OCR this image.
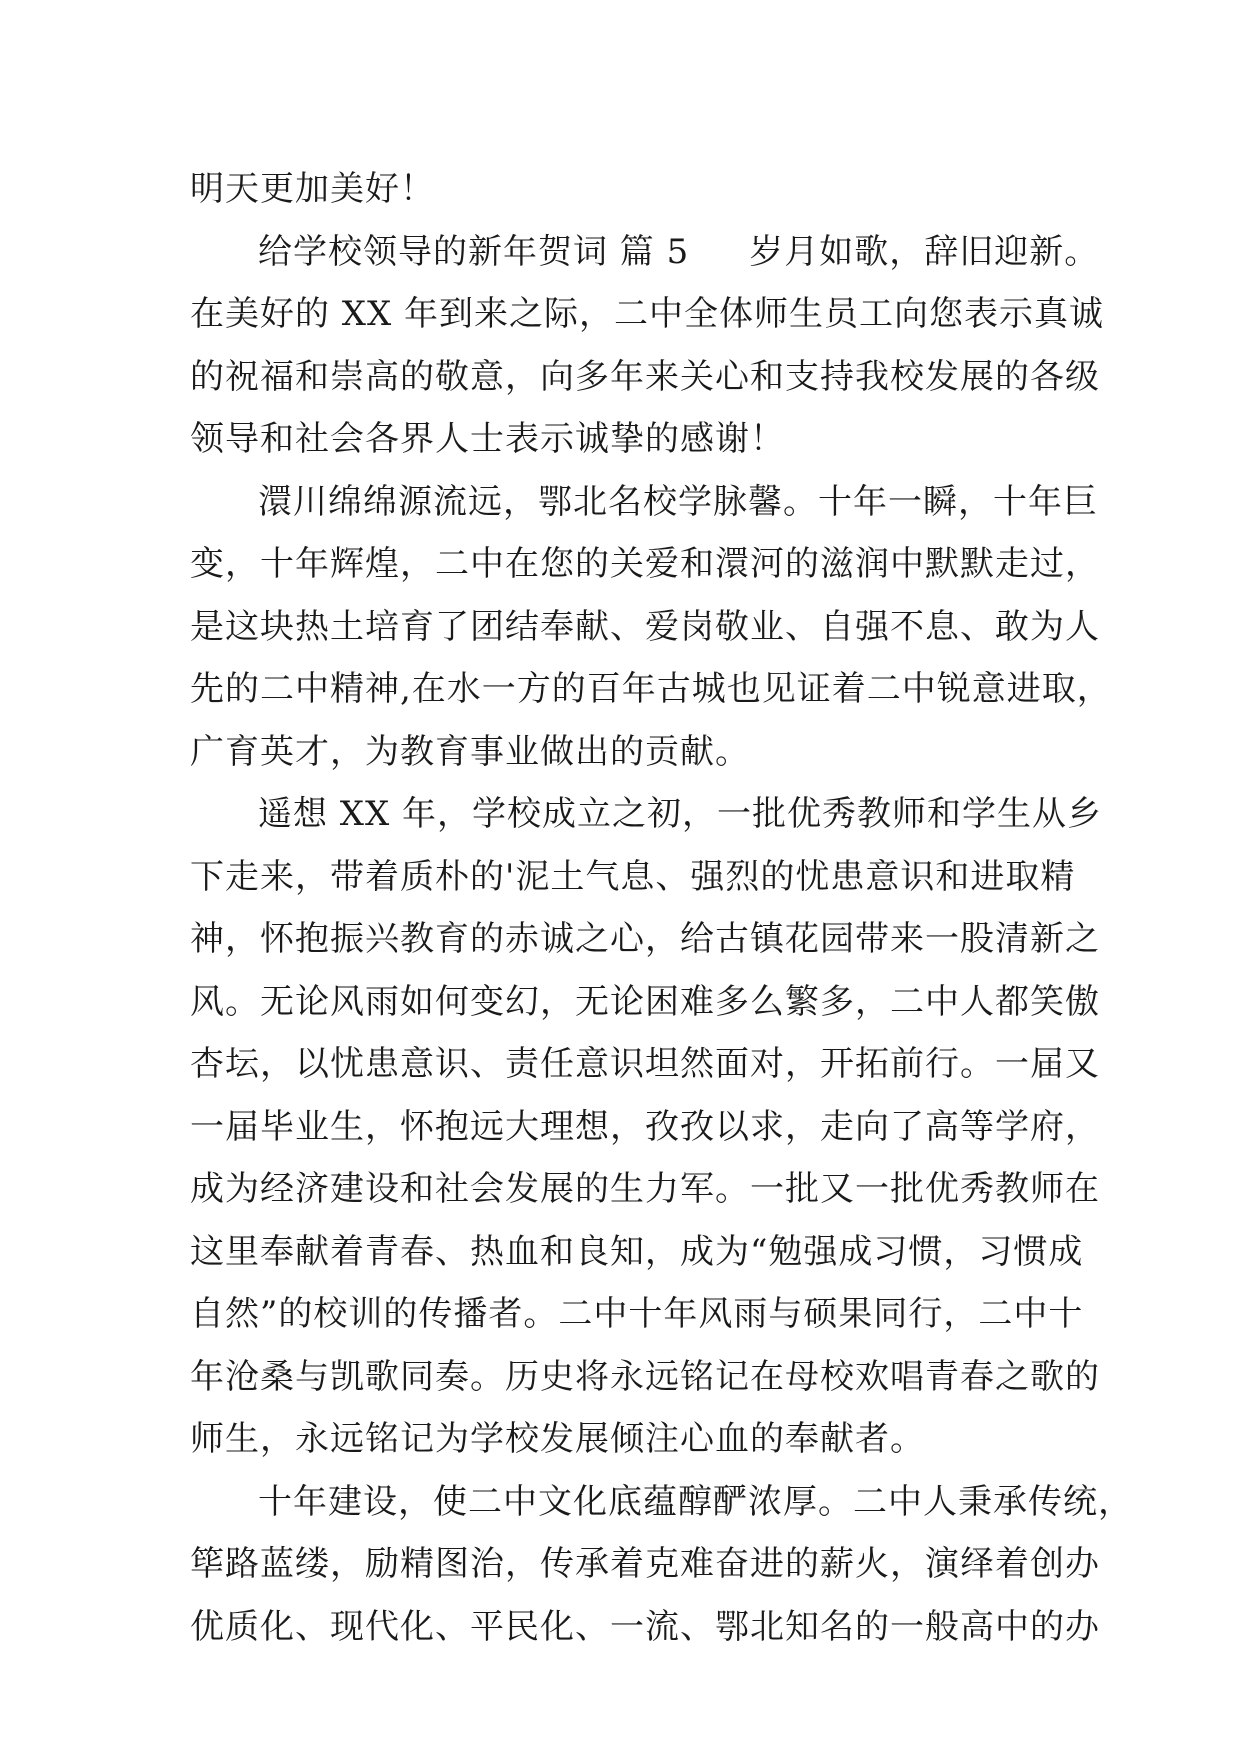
明天更加美好！
给学校领导的新年贺词 篇 5 岁月如歌，辞旧迎新。
在美好的 XX 年到来之际，二中全体师生员工向您表示真诚
的祝福和崇高的敬意，向多年来关心和支持我校发展的各级
领导和社会各界人士表示诚挚的感谢！
澴川绵绵源流远，鄂北名校学脉馨。十年一瞬，十年巨
变，十年辉煌，二中在您的关爱和澴河的滋润中默默走过，
是这块热土培育了团结奉献、爱岗敬业、自强不息、敢为人
先的二中精神,在水一方的百年古城也见证着二中锐意进取，
广育英才，为教育事业做出的贡献。
遥想 XX 年，学校成立之初，一批优秀教师和学生从乡
下走来，带着质朴的'泥土气息、强烈的忧患意识和进取精
神，怀抱振兴教育的赤诚之心，给古镇花园带来一股清新之
风。无论风雨如何变幻，无论困难多么繁多，二中人都笑傲
杏坛，以忧患意识、责任意识坦然面对，开拓前行。一届又
一届毕业生，怀抱远大理想，孜孜以求，走向了高等学府，
成为经济建设和社会发展的生力军。一批又一批优秀教师在
这里奉献着青春、热血和良知，成为“勉强成习惯，习惯成
自然”的校训的传播者。二中十年风雨与硕果同行，二中十
年沧桑与凯歌同奏。历史将永远铭记在母校欢唱青春之歌的
师生，永远铭记为学校发展倾注心血的奉献者。
十年建设，使二中文化底蕴醇酽浓厚。二中人秉承传统，
筚路蓝缕，励精图治，传承着克难奋进的薪火，演绎着创办
优质化、现代化、平民化、一流、鄂北知名的一般高中的办
